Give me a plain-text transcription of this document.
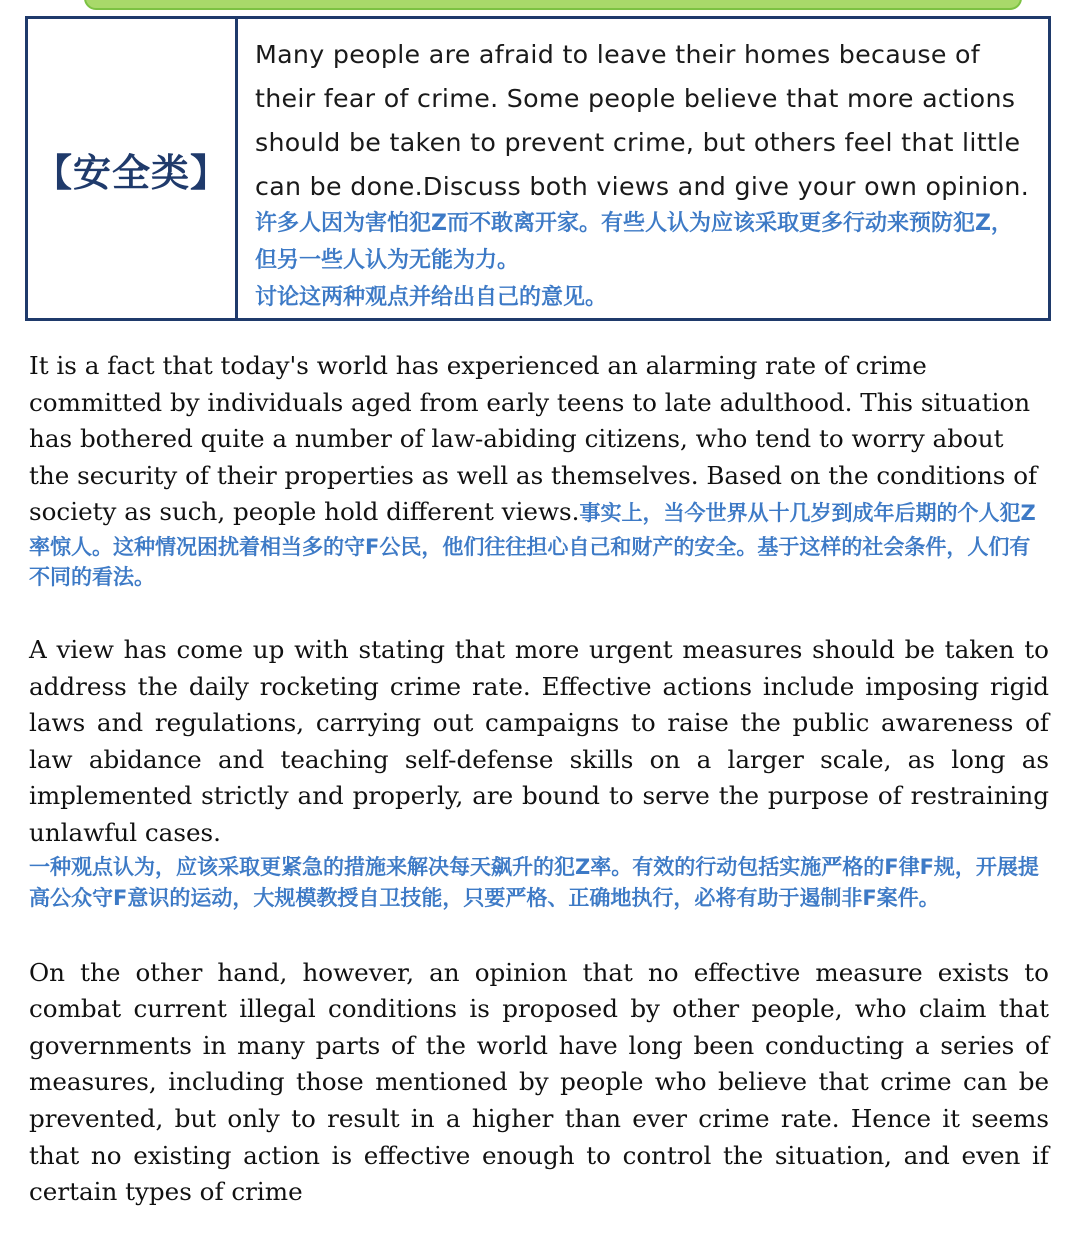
【安全类】

Many people are afraid to leave their homes because of their fear of crime. Some people believe that more actions should be taken to prevent crime, but others feel that little can be done.Discuss both views and give your own opinion.

许多人因为害怕犯Z而不敢离开家。有些人认为应该采取更多行动来预防犯Z，但另一些人认为无能为力。

讨论这两种观点并给出自己的意见。

It is a fact that today's world has experienced an alarming rate of crime committed by individuals aged from early teens to late adulthood. This situation has bothered quite a number of law-abiding citizens, who tend to worry about the security of their properties as well as themselves. Based on the conditions of society as such, people hold different views.事实上，当今世界从十几岁到成年后期的个人犯Z率惊人。这种情况困扰着相当多的守F公民，他们往往担心自己和财产的安全。基于这样的社会条件，人们有不同的看法。
A view has come up with stating that more urgent measures should be taken to address the daily rocketing crime rate. Effective actions include imposing rigid laws and regulations, carrying out campaigns to raise the public awareness of law abidance and teaching self-defense skills on a larger scale, as long as implemented strictly and properly, are bound to serve the purpose of restraining unlawful cases.
一种观点认为，应该采取更紧急的措施来解决每天飙升的犯Z率。有效的行动包括实施严格的F律F规，开展提高公众守F意识的运动，大规模教授自卫技能，只要严格、正确地执行，必将有助于遏制非F案件。
On the other hand, however, an opinion that no effective measure exists to combat current illegal conditions is proposed by other people, who claim that governments in many parts of the world have long been conducting a series of measures, including those mentioned by people who believe that crime can be prevented, but only to result in a higher than ever crime rate. Hence it seems that no existing action is effective enough to control the situation, and even if certain types of crime
